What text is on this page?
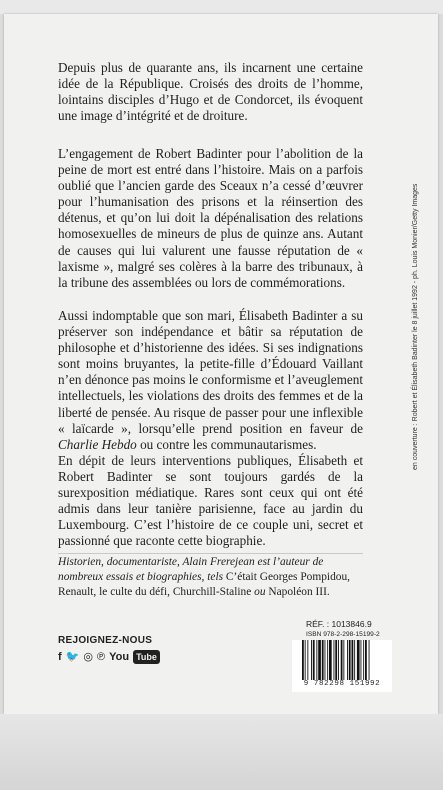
Depuis plus de quarante ans, ils incarnent une certaine idée de la République. Croisés des droits de l’homme, lointains disciples d’Hugo et de Condorcet, ils évoquent une image d’intégrité et de droiture.

L’engagement de Robert Badinter pour l’abolition de la peine de mort est entré dans l’histoire. Mais on a parfois oublié que l’ancien garde des Sceaux n’a cessé d’œuvrer pour l’humanisation des prisons et la réinsertion des détenus, et qu’on lui doit la dépénalisation des relations homosexuelles de mineurs de plus de quinze ans. Autant de causes qui lui valurent une fausse réputation de « laxisme », malgré ses colères à la barre des tribunaux, à la tribune des assemblées ou lors de commémorations.

Aussi indomptable que son mari, Élisabeth Badinter a su préserver son indépendance et bâtir sa réputation de philosophe et d’historienne des idées. Si ses indignations sont moins bruyantes, la petite-fille d’Édouard Vaillant n’en dénonce pas moins le conformisme et l’aveuglement intellectuels, les violations des droits des femmes et de la liberté de pensée. Au risque de passer pour une inflexible « laïcarde », lorsqu’elle prend position en faveur de Charlie Hebdo ou contre les communautarismes.

En dépit de leurs interventions publiques, Élisabeth et Robert Badinter se sont toujours gardés de la surexposition médiatique. Rares sont ceux qui ont été admis dans leur tanière parisienne, face au jardin du Luxembourg. C’est l’histoire de ce couple uni, secret et passionné que raconte cette biographie.

Historien, documentariste, Alain Frerejean est l’auteur de nombreux essais et biographies, tels C’était Georges Pompidou, Renault, le culte du défi, Churchill-Staline ou Napoléon III.

REJOIGNEZ-NOUS
f 🐦 ◎ ℗ You Tube
RÉF. : 1013846.9
ISBN 978-2-298-15199-2
9 782298 151992
en couverture : Robert et Élisabeth Badinter le 8 juillet 1992 - ph. Louis Monier/Getty Images
